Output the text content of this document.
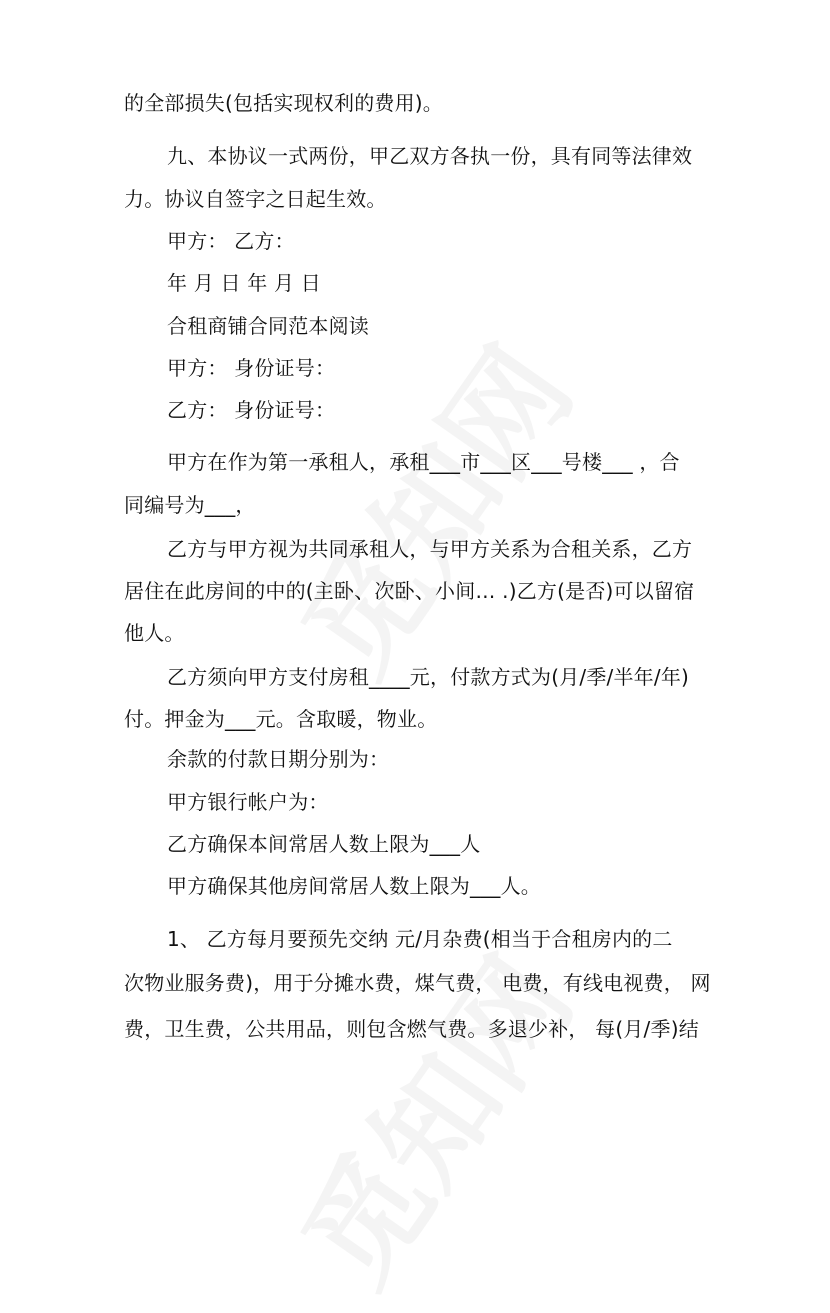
的全部损失(包括实现权利的费用)。
九、本协议一式两份，甲乙双方各执一份，具有同等法律效
力。协议自签字之日起生效。
甲方： 乙方：
年 月 日 年 月 日
合租商铺合同范本阅读
甲方： 身份证号：
乙方： 身份证号：
甲方在作为第一承租人，承租___市___区___号楼___ ，合
同编号为___，
乙方与甲方视为共同承租人，与甲方关系为合租关系，乙方
居住在此房间的中的(主卧、次卧、小间… .)乙方(是否)可以留宿
他人。
乙方须向甲方支付房租____元，付款方式为(月/季/半年/年)
付。押金为___元。含取暖，物业。
余款的付款日期分别为：
甲方银行帐户为：
乙方确保本间常居人数上限为___人
甲方确保其他房间常居人数上限为___人。
1、 乙方每月要预先交纳 元/月杂费(相当于合租房内的二
次物业服务费)，用于分摊水费，煤气费， 电费，有线电视费， 网
费，卫生费，公共用品，则包含燃气费。多退少补， 每(月/季)结
